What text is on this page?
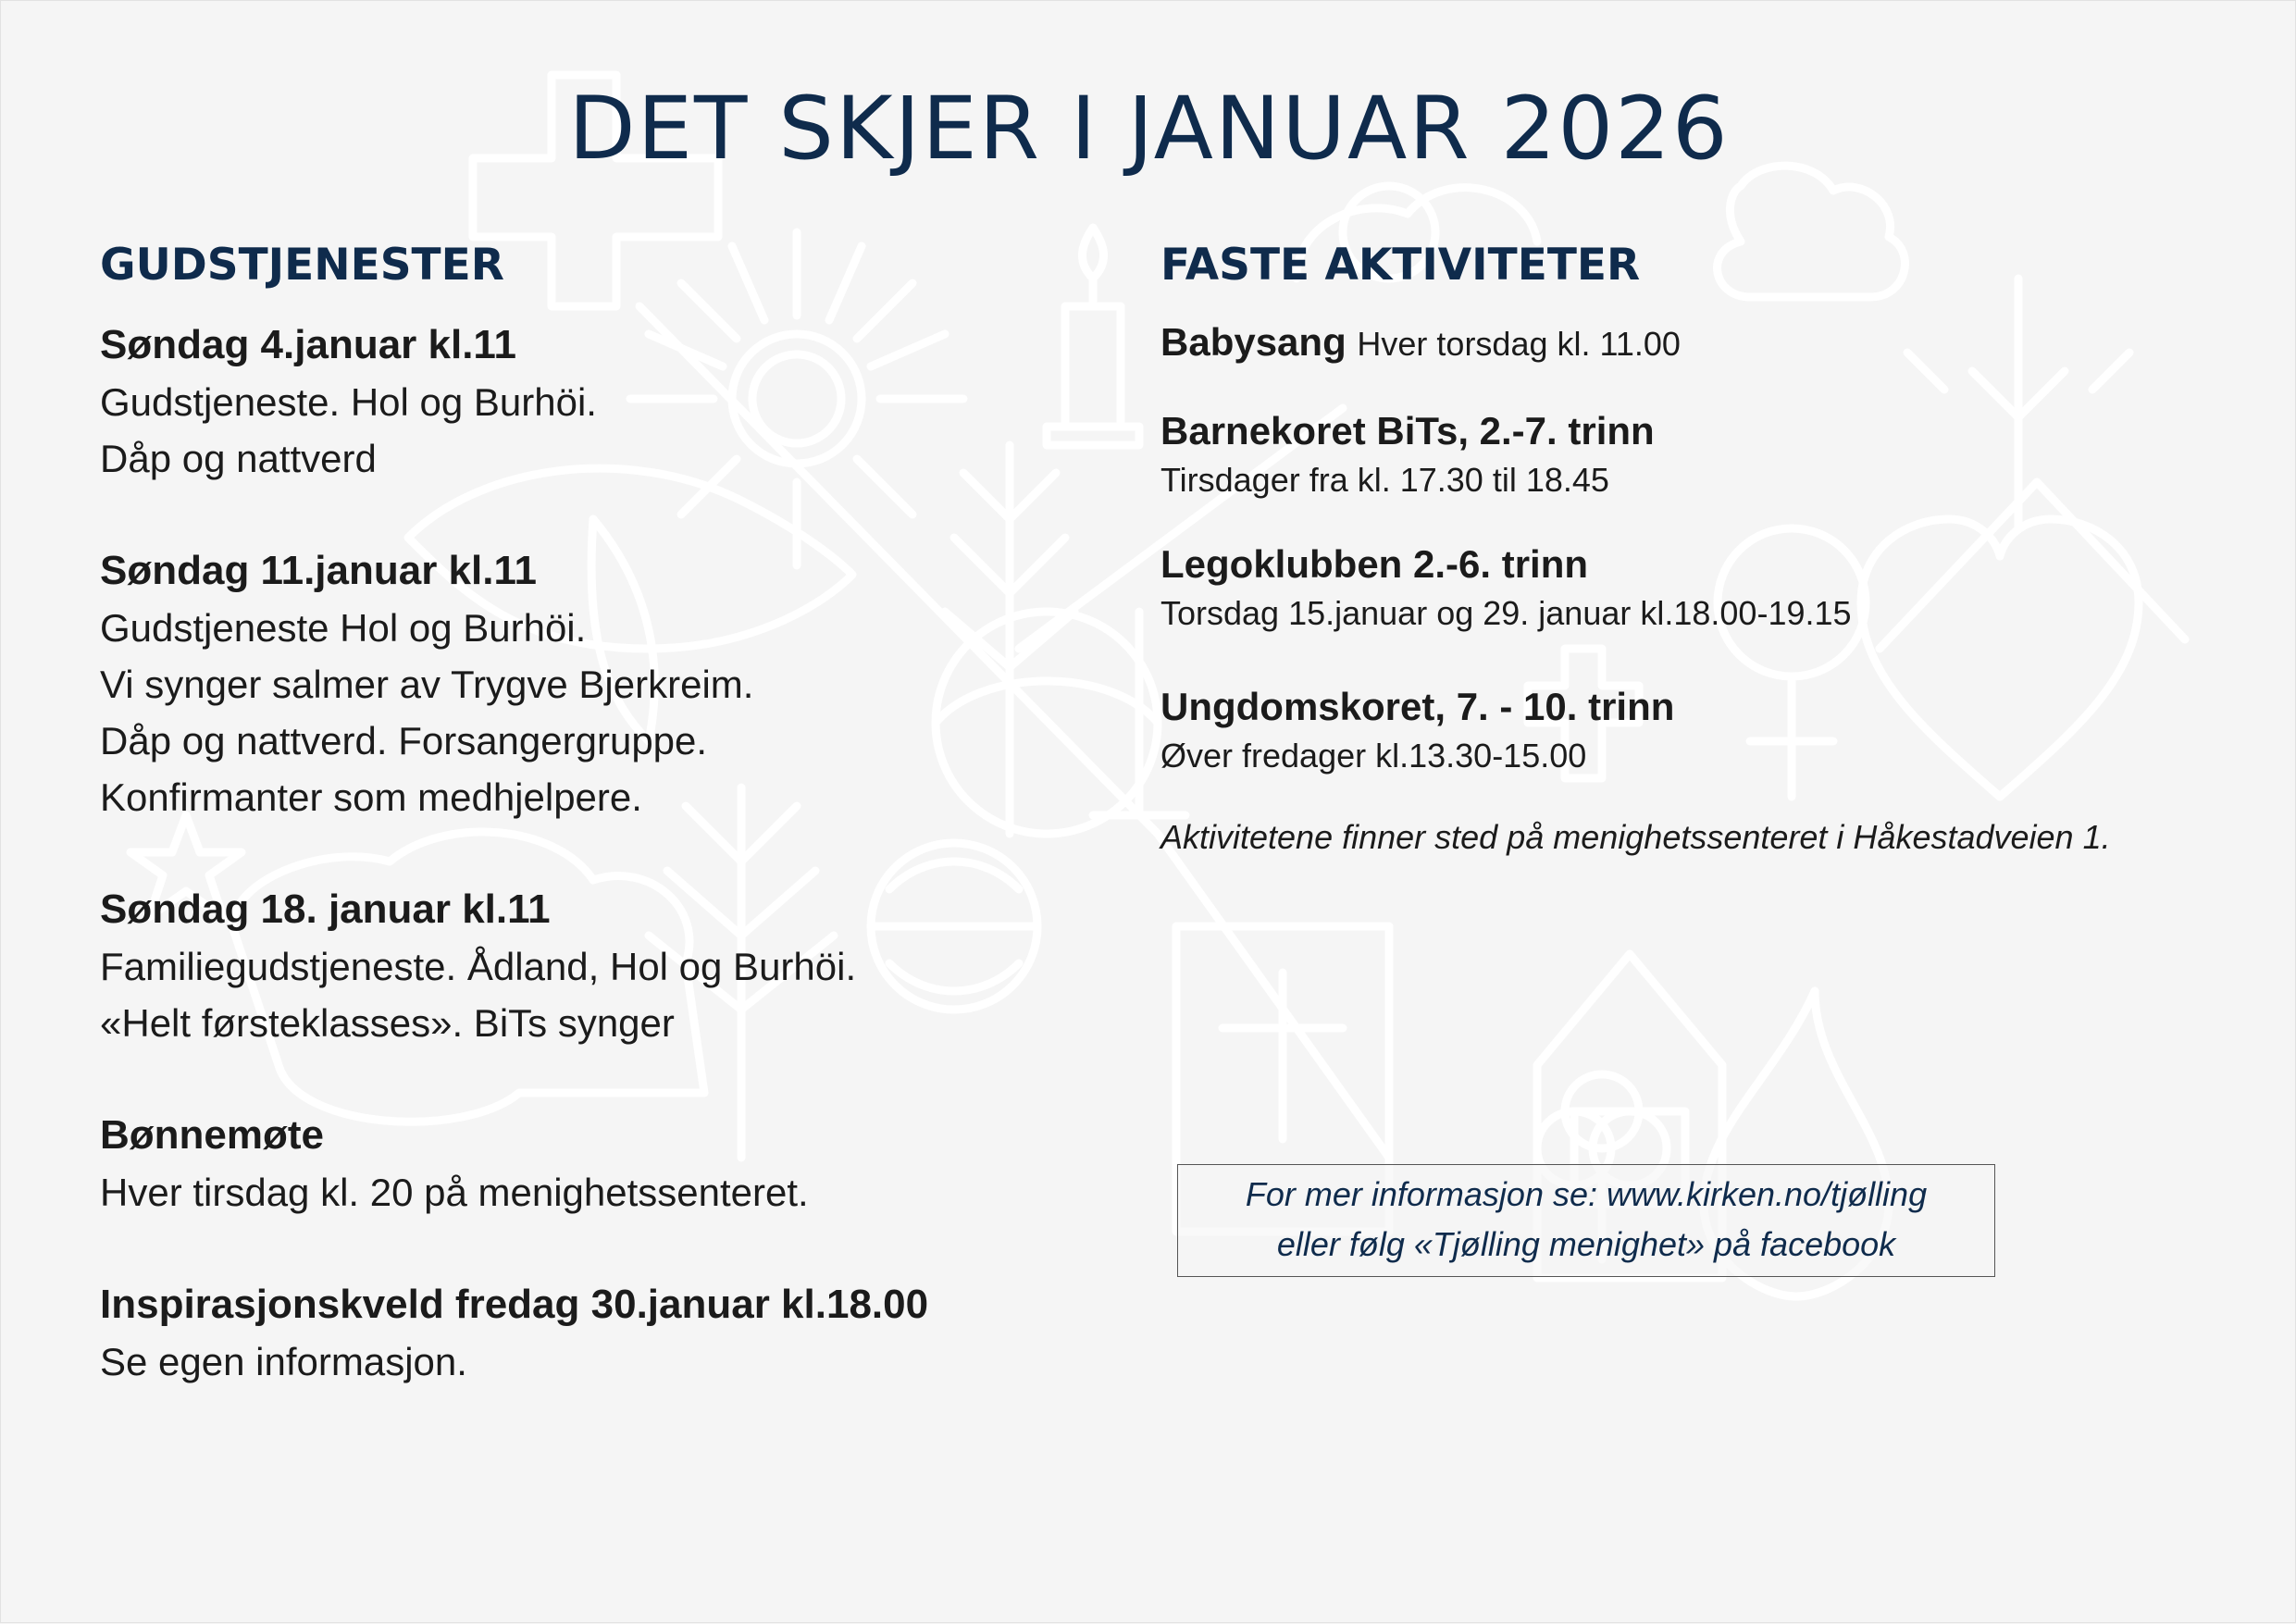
DET SKJER I JANUAR 2026
GUDSTJENESTER
Søndag 4.januar kl.11
Gudstjeneste. Hol og Burhöi.
Dåp og nattverd
Søndag 11.januar kl.11
Gudstjeneste Hol og Burhöi.
Vi synger salmer av Trygve Bjerkreim.
Dåp og nattverd. Forsangergruppe.
Konfirmanter som medhjelpere.
Søndag 18. januar kl.11
Familiegudstjeneste. Ådland, Hol og Burhöi.
«Helt førsteklasses». BiTs synger
Bønnemøte
Hver tirsdag kl. 20 på menighetssenteret.
Inspirasjonskveld fredag 30.januar kl.18.00
Se egen informasjon.
FASTE AKTIVITETER
Babysang Hver torsdag kl. 11.00
Barnekoret BiTs, 2.-7. trinn
Tirsdager fra kl. 17.30 til 18.45
Legoklubben 2.-6. trinn
Torsdag 15.januar og 29. januar kl.18.00-19.15
Ungdomskoret, 7. - 10. trinn
Øver fredager kl.13.30-15.00
Aktivitetene finner sted på menighetssenteret i Håkestadveien 1.
For mer informasjon se: www.kirken.no/tjølling
eller følg «Tjølling menighet» på facebook
